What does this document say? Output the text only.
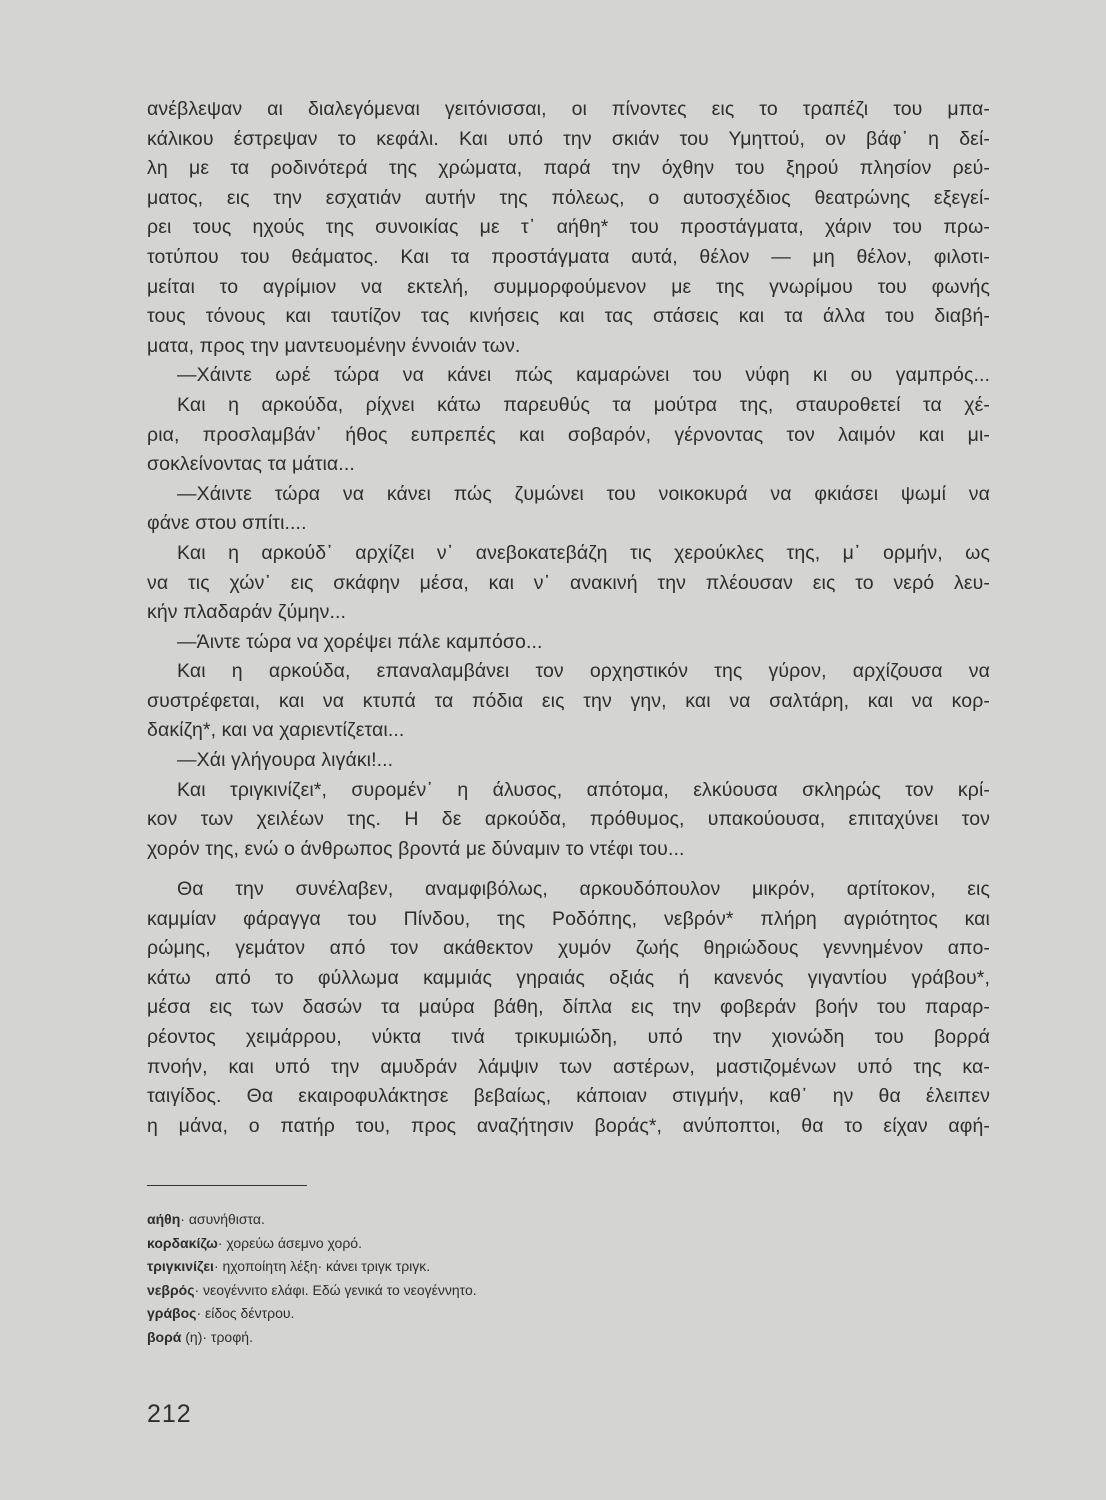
ανέβλεψαν αι διαλεγόμεναι γειτόνισσαι, οι πίνοντες εις το τραπέζι του μπα-
κάλικου έστρεψαν το κεφάλι. Και υπό την σκιάν του Υμηττού, ον βάφ᾽ η δεί-
λη με τα ροδινότερά της χρώματα, παρά την όχθην του ξηρού πλησίον ρεύ-
ματος, εις την εσχατιάν αυτήν της πόλεως, ο αυτοσχέδιος θεατρώνης εξεγεί-
ρει τους ηχούς της συνοικίας με τ᾽ αήθη* του προστάγματα, χάριν του πρω-
τοτύπου του θεάματος. Και τα προστάγματα αυτά, θέλον — μη θέλον, φιλοτι-
μείται το αγρίμιον να εκτελή, συμμορφούμενον με της γνωρίμου του φωνής
τους τόνους και ταυτίζον τας κινήσεις και τας στάσεις και τα άλλα του διαβή-
ματα, προς την μαντευομένην έννοιάν των.
—Χάιντε ωρέ τώρα να κάνει πώς καμαρώνει του νύφη κι ου γαμπρός...
Και η αρκούδα, ρίχνει κάτω παρευθύς τα μούτρα της, σταυροθετεί τα χέ-
ρια, προσλαμβάν᾽ ήθος ευπρεπές και σοβαρόν, γέρνοντας τον λαιμόν και μι-
σοκλείνοντας τα μάτια...
—Χάιντε τώρα να κάνει πώς ζυμώνει του νοικοκυρά να φκιάσει ψωμί να
φάνε στου σπίτι....
Και η αρκούδ᾽ αρχίζει ν᾽ ανεβοκατεβάζη τις χερούκλες της, μ᾽ ορμήν, ως
να τις χών᾽ εις σκάφην μέσα, και ν᾽ ανακινή την πλέουσαν εις το νερό λευ-
κήν πλαδαράν ζύμην...
—Άιντε τώρα να χορέψει πάλε καμπόσο...
Και η αρκούδα, επαναλαμβάνει τον ορχηστικόν της γύρον, αρχίζουσα να
συστρέφεται, και να κτυπά τα πόδια εις την γην, και να σαλτάρη, και να κορ-
δακίζη*, και να χαριεντίζεται...
—Χάι γλήγουρα λιγάκι!...
Και τριγκινίζει*, συρομέν᾽ η άλυσος, απότομα, ελκύουσα σκληρώς τον κρί-
κον των χειλέων της. Η δε αρκούδα, πρόθυμος, υπακούουσα, επιταχύνει τον
χορόν της, ενώ ο άνθρωπος βροντά με δύναμιν το ντέφι του...
Θα την συνέλαβεν, αναμφιβόλως, αρκουδόπουλον μικρόν, αρτίτοκον, εις
καμμίαν φάραγγα του Πίνδου, της Ροδόπης, νεβρόν* πλήρη αγριότητος και
ρώμης, γεμάτον από τον ακάθεκτον χυμόν ζωής θηριώδους γεννημένον απο-
κάτω από το φύλλωμα καμμιάς γηραιάς οξιάς ή κανενός γιγαντίου γράβου*,
μέσα εις των δασών τα μαύρα βάθη, δίπλα εις την φοβεράν βοήν του παραρ-
ρέοντος χειμάρρου, νύκτα τινά τρικυμιώδη, υπό την χιονώδη του βορρά
πνοήν, και υπό την αμυδράν λάμψιν των αστέρων, μαστιζομένων υπό της κα-
ταιγίδος. Θα εκαιροφυλάκτησε βεβαίως, κάποιαν στιγμήν, καθ᾽ ην θα έλειπεν
η μάνα, ο πατήρ του, προς αναζήτησιν βοράς*, ανύποπτοι, θα το είχαν αφή-
αήθη· ασυνήθιστα.
κορδακίζω· χορεύω άσεμνο χορό.
τριγκινίζει· ηχοποίητη λέξη· κάνει τριγκ τριγκ.
νεβρός· νεογέννιτο ελάφι. Εδώ γενικά το νεογέννητο.
γράβος· είδος δέντρου.
βορά (η)· τροφή.
212
